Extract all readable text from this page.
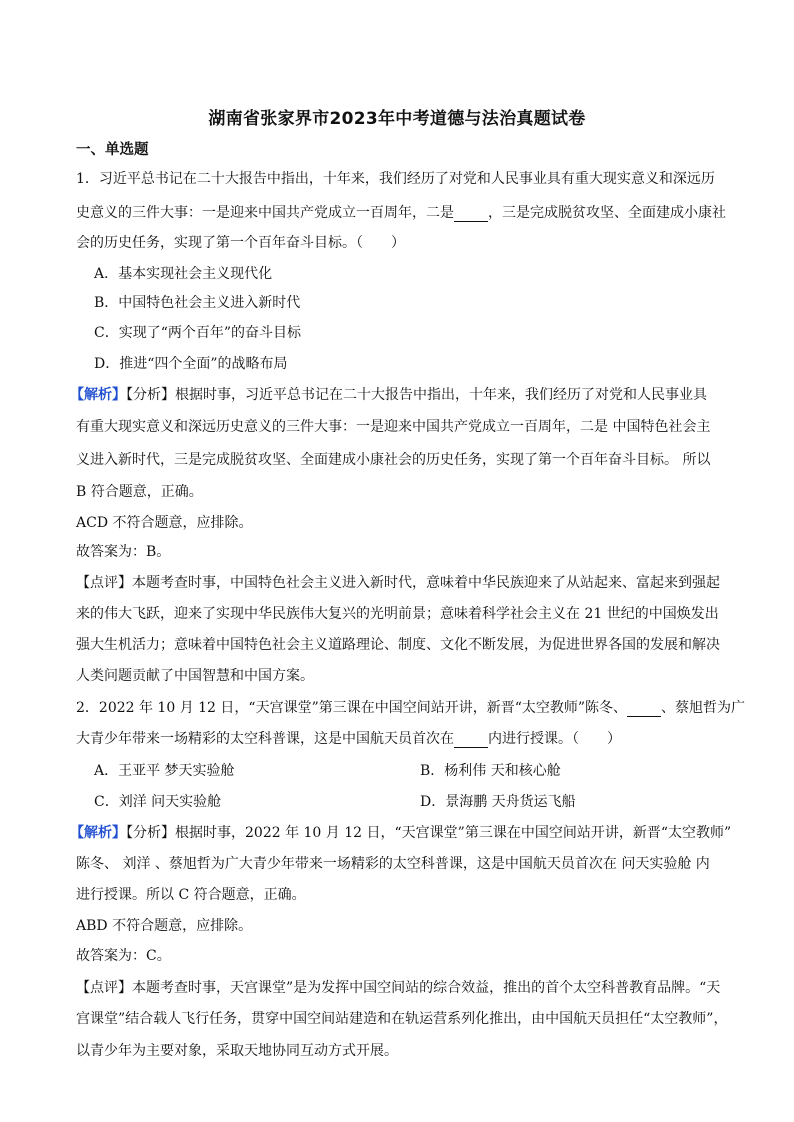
湖南省张家界市2023年中考道德与法治真题试卷
一、单选题
1．习近平总书记在二十大报告中指出，十年来，我们经历了对党和人民事业具有重大现实意义和深远历
史意义的三件大事：一是迎来中国共产党成立一百周年，二是 ，三是完成脱贫攻坚、全面建成小康社
会的历史任务，实现了第一个百年奋斗目标。（　　）
A．基本实现社会主义现代化
B．中国特色社会主义进入新时代
C．实现了“两个百年”的奋斗目标
D．推进“四个全面”的战略布局
【解析】【分析】根据时事，习近平总书记在二十大报告中指出，十年来，我们经历了对党和人民事业具
有重大现实意义和深远历史意义的三件大事：一是迎来中国共产党成立一百周年，二是 中国特色社会主
义进入新时代，三是完成脱贫攻坚、全面建成小康社会的历史任务，实现了第一个百年奋斗目标。 所以
B 符合题意，正确。
ACD 不符合题意，应排除。
故答案为：B。
【点评】本题考查时事，中国特色社会主义进入新时代，意味着中华民族迎来了从站起来、富起来到强起
来的伟大飞跃，迎来了实现中华民族伟大复兴的光明前景；意味着科学社会主义在 21 世纪的中国焕发出
强大生机活力；意味着中国特色社会主义道路理论、制度、文化不断发展，为促进世界各国的发展和解决
人类问题贡献了中国智慧和中国方案。
2．2022 年 10 月 12 日，“天宫课堂”第三课在中国空间站开讲，新晋“太空教师”陈冬、 、蔡旭哲为广
大青少年带来一场精彩的太空科普课，这是中国航天员首次在 内进行授课。（　　）
A．王亚平 梦天实验舱	B．杨利伟 天和核心舱
C．刘洋 问天实验舱	D．景海鹏 天舟货运飞船
【解析】【分析】根据时事，2022 年 10 月 12 日，“天宫课堂”第三课在中国空间站开讲，新晋“太空教师”
陈冬、 刘洋 、蔡旭哲为广大青少年带来一场精彩的太空科普课，这是中国航天员首次在 问天实验舱 内
进行授课。所以 C 符合题意，正确。
ABD 不符合题意，应排除。
故答案为：C。
【点评】本题考查时事，天宫课堂”是为发挥中国空间站的综合效益，推出的首个太空科普教育品牌。“天
宫课堂”结合载人飞行任务，贯穿中国空间站建造和在轨运营系列化推出，由中国航天员担任“太空教师”，
以青少年为主要对象，采取天地协同互动方式开展。
